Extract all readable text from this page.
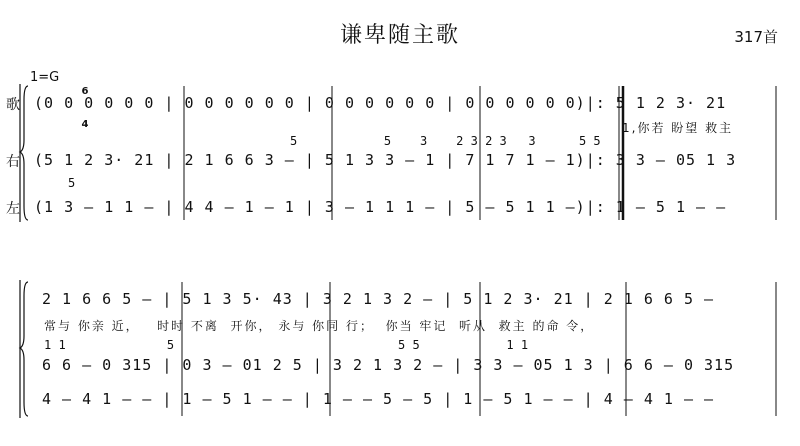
谦卑随主歌	317首
1=G

6

4

歌
右
左
(0 0 0 0 0 0 | 0 0 0 0 0 0 | 0 0 0 0 0 0 | 0 0 0 0 0 0)|: 5 1 2 3· 21
1,你若 盼望 救主
5            5    3    2 3 2 3   3      5 5
(5 1 2 3· 21 | 2 1 6 6 3 – | 5 1 3 3 – 1 | 7 1 7 1 – 1)|: 3 3 – 05 1 3
5
(1 3 – 1 1 – | 4 4 – 1 – 1 | 3 – 1 1 1 – | 5 – 5 1 1 –)|: 1 – 5 1 – –
2 1 6 6 5 – | 5 1 3 5· 43 | 3 2 1 3 2 – | 5 1 2 3· 21 | 2 1 6 6 5 –
常与 你亲 近，   时时 不离  开你， 永与 你同 行；  你当 牢记  听从  救主 的命 令，
1 1              5                               5 5            1 1
6 6 – 0 315 | 0 3 – 01 2 5 | 3 2 1 3 2 – | 3 3 – 05 1 3 | 6 6 – 0 315
4 – 4 1 – – | 1 – 5 1 – – | 1 – – 5 – 5 | 1 – 5 1 – – | 4 – 4 1 – –
